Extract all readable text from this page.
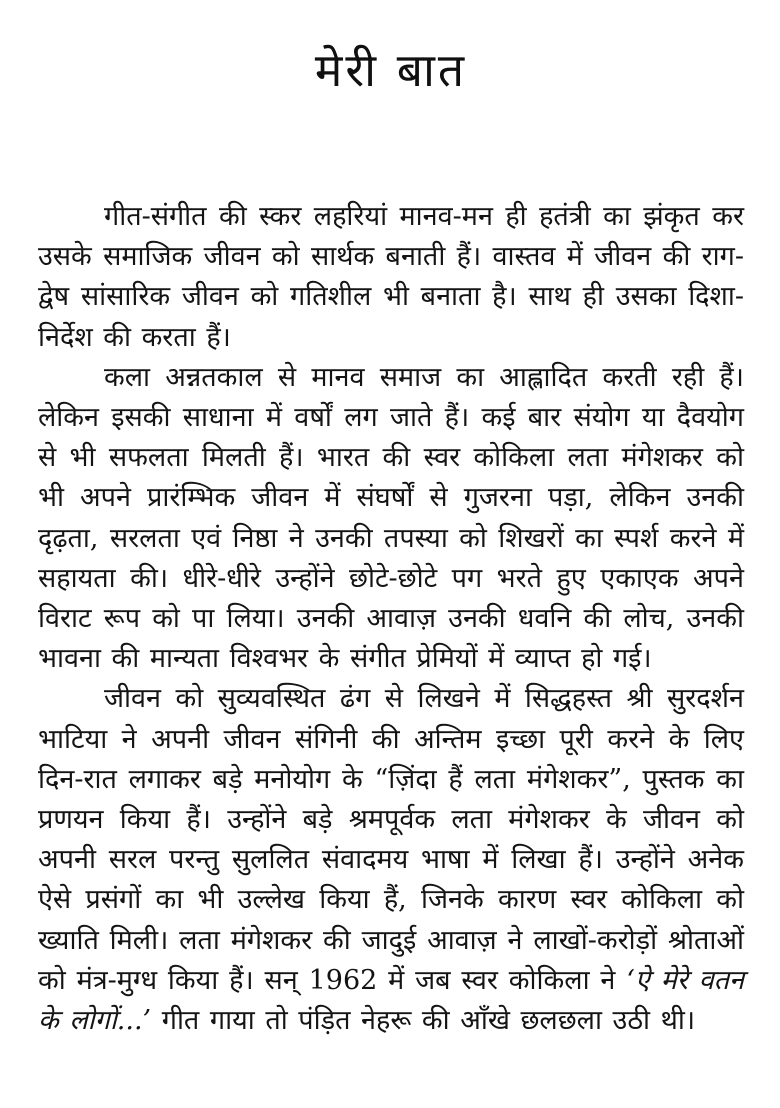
मेरी बात

गीत-संगीत की स्कर लहरियां मानव-मन ही हतंत्री का झंकृत कर उसके समाजिक जीवन को सार्थक बनाती हैं। वास्तव में जीवन की राग-द्वेष सांसारिक जीवन को गतिशील भी बनाता है। साथ ही उसका दिशा-निर्देश की करता हैं।

कला अन्नतकाल से मानव समाज का आह्लादित करती रही हैं। लेकिन इसकी साधाना में वर्षों लग जाते हैं। कई बार संयोग या दैवयोग से भी सफलता मिलती हैं। भारत की स्वर कोकिला लता मंगेशकर को भी अपने प्रारंम्भिक जीवन में संघर्षों से गुजरना पड़ा, लेकिन उनकी दृढ़ता, सरलता एवं निष्ठा ने उनकी तपस्या को शिखरों का स्पर्श करने में सहायता की। धीरे-धीरे उन्होंने छोटे-छोटे पग भरते हुए एकाएक अपने विराट रूप को पा लिया। उनकी आवाज़ उनकी धवनि की लोच, उनकी भावना की मान्यता विश्वभर के संगीत प्रेमियों में व्याप्त हो गई।

जीवन को सुव्यवस्थित ढंग से लिखने में सिद्धहस्त श्री सुरदर्शन भाटिया ने अपनी जीवन संगिनी की अन्तिम इच्छा पूरी करने के लिए दिन-रात लगाकर बड़े मनोयोग के “ज़िंदा हैं लता मंगेशकर”, पुस्तक का प्रणयन किया हैं। उन्होंने बड़े श्रमपूर्वक लता मंगेशकर के जीवन को अपनी सरल परन्तु सुललित संवादमय भाषा में लिखा हैं। उन्होंने अनेक ऐसे प्रसंगों का भी उल्लेख किया हैं, जिनके कारण स्वर कोकिला को ख्याति मिली। लता मंगेशकर की जादुई आवाज़ ने लाखों-करोड़ों श्रोताओं को मंत्र-मुग्ध किया हैं। सन् 1962 में जब स्वर कोकिला ने ‘ऐ मेरे वतन के लोगों...’ गीत गाया तो पंड़ित नेहरू की आँखे छलछला उठी थी।
